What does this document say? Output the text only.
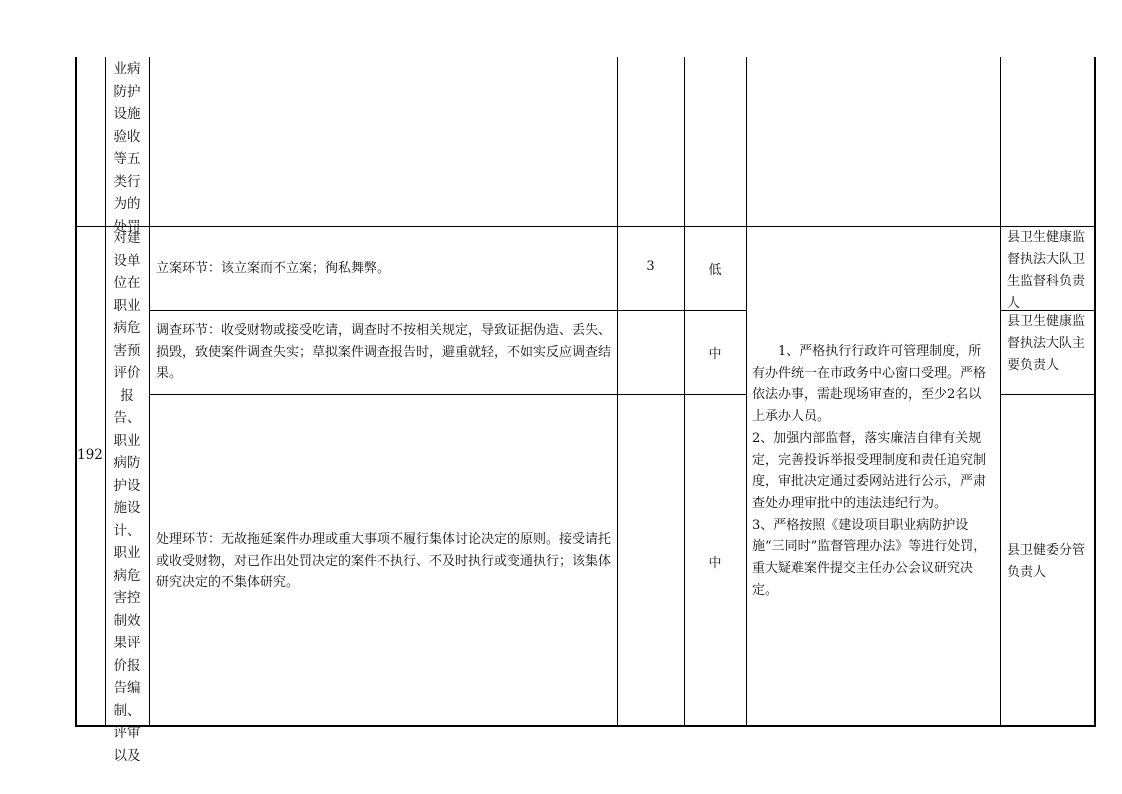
业病防护设施验收等五类行为的处罚
192
对建设单位在职业病危害预评价报告、职业病防护设施设计、职业病危害控制效果评价报告编制、评审以及
立案环节：该立案而不立案；徇私舞弊。
调查环节：收受财物或接受吃请，调查时不按相关规定，导致证据伪造、丢失、损毁，致使案件调查失实；草拟案件调查报告时，避重就轻，不如实反应调查结果。
处理环节：无故拖延案件办理或重大事项不履行集体讨论决定的原则。接受请托或收受财物，对已作出处罚决定的案件不执行、不及时执行或变通执行；该集体研究决定的不集体研究。
3	低
中
中
1、严格执行行政许可管理制度，所有办件统一在市政务中心窗口受理。严格依法办事，需赴现场审查的，至少2名以上承办人员。
2、加强内部监督，落实廉洁自律有关规定，完善投诉举报受理制度和责任追究制度，审批决定通过委网站进行公示，严肃查处办理审批中的违法违纪行为。
3、严格按照《建设项目职业病防护设施“三同时”监督管理办法》等进行处罚，重大疑难案件提交主任办公会议研究决定。
县卫生健康监督执法大队卫生监督科负责人
县卫生健康监督执法大队主要负责人
县卫健委分管负责人
